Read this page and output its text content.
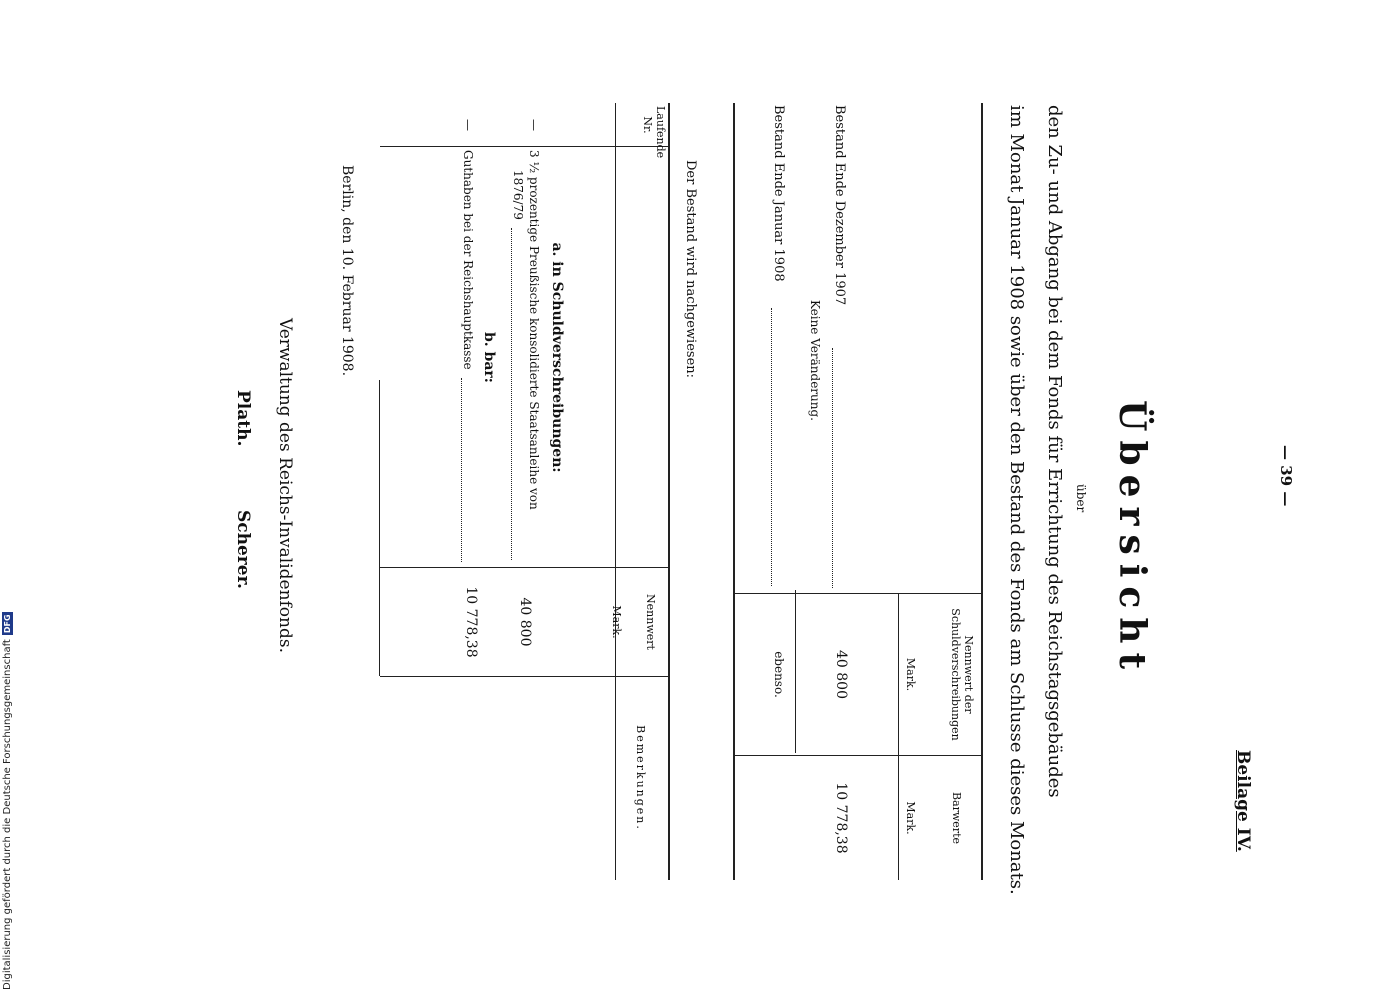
— 39 —
Beilage IV.
Übersicht
über
den Zu- und Abgang bei dem Fonds für Errichtung des Reichstagsgebäudes
im Monat Januar 1908 sowie über den Bestand des Fonds am Schlusse dieses Monats.
Nennwert der Schuldverschreibungen
Mark.
Barwerte
Mark.
Bestand Ende Dezember 1907
40 800
10 778,38
Keine Veränderung.
Bestand Ende Januar 1908
ebenso.
Der Bestand wird nachgewiesen:
Laufende Nr.
Nennwert
Mark.
Bemerkungen.
a. in Schuldverschreibungen:
—
3 ½ prozentige Preußische konsolidierte Staatsanleihe von
1876/79
40 800
b. bar:
—
Guthaben bei der Reichshauptkasse
10 778,38
Berlin, den 10. Februar 1908.
Verwaltung des Reichs-Invalidenfonds.
Plath.
Scherer.
Digitalisierung gefördert durch die Deutsche Forschungsgemeinschaft
DFG
